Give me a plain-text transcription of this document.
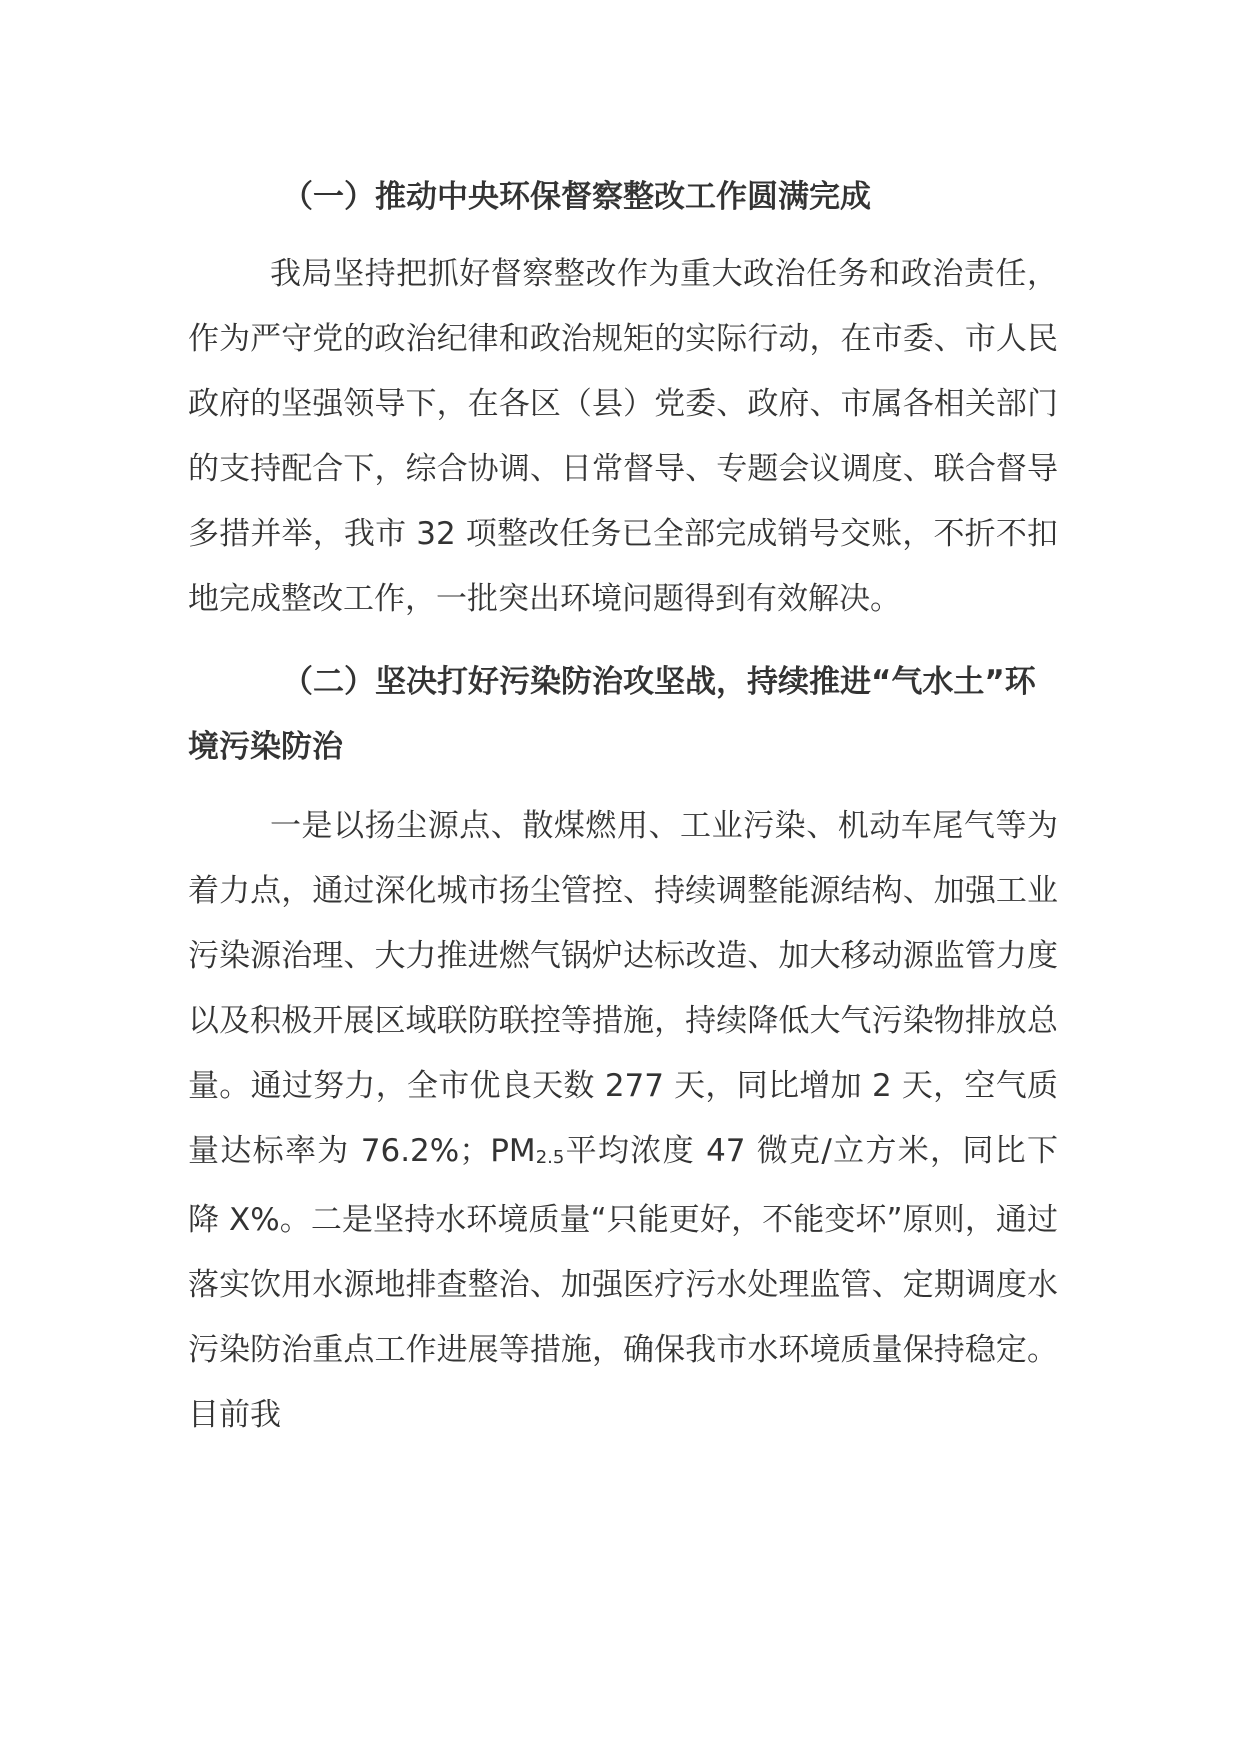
（一）推动中央环保督察整改工作圆满完成

我局坚持把抓好督察整改作为重大政治任务和政治责任，作为严守党的政治纪律和政治规矩的实际行动，在市委、市人民政府的坚强领导下，在各区（县）党委、政府、市属各相关部门的支持配合下，综合协调、日常督导、专题会议调度、联合督导多措并举，我市 32 项整改任务已全部完成销号交账，不折不扣地完成整改工作，一批突出环境问题得到有效解决。

（二）坚决打好污染防治攻坚战，持续推进“气水土”环境污染防治

一是以扬尘源点、散煤燃用、工业污染、机动车尾气等为着力点，通过深化城市扬尘管控、持续调整能源结构、加强工业污染源治理、大力推进燃气锅炉达标改造、加大移动源监管力度以及积极开展区域联防联控等措施，持续降低大气污染物排放总量。通过努力，全市优良天数 277 天，同比增加 2 天，空气质量达标率为 76.2%；PM2.5平均浓度 47 微克/立方米，同比下降 X%。二是坚持水环境质量“只能更好，不能变坏”原则，通过落实饮用水源地排查整治、加强医疗污水处理监管、定期调度水污染防治重点工作进展等措施，确保我市水环境质量保持稳定。目前我
